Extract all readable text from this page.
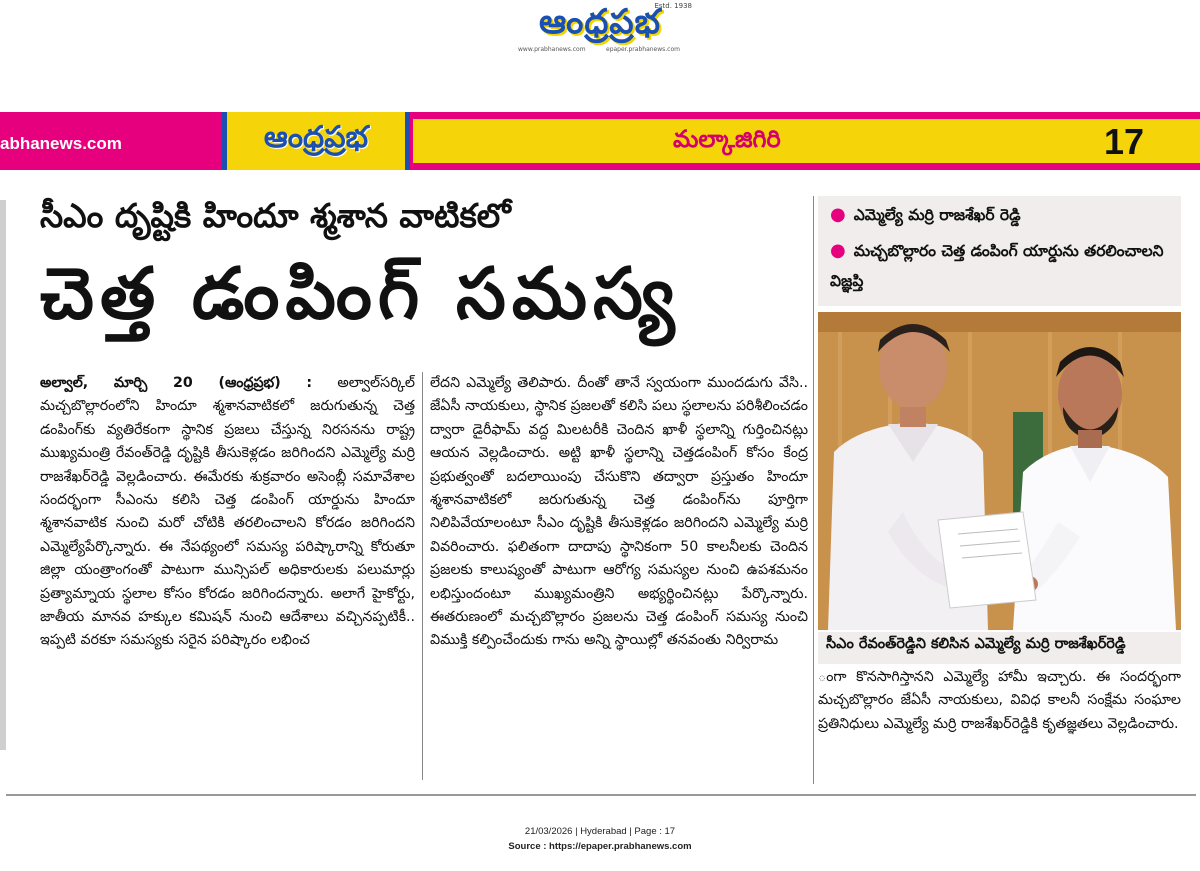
ఆంధ్రప్రభ
Estd. 1938
www.prabhanews.com	epaper.prabhanews.com
abhanews.com	ఆంధ్రప్రభ	మల్కాజిగిరి	17
సీఎం దృష్టికి హిందూ శ్మశాన వాటికలో
చెత్త డంపింగ్ సమస్య
అల్వాల్, మార్చి 20 (ఆంధ్రప్రభ) : అల్వాల్‌సర్కిల్ మచ్చబొల్లారంలోని హిందూ శ్మశానవాటికలో జరుగుతున్న చెత్త డంపింగ్‌కు వ్యతిరేకంగా స్థానిక ప్రజలు చేస్తున్న నిరసనను రాష్ట్ర ముఖ్యమంత్రి రేవంత్‌రెడ్డి దృష్టికి తీసుకెళ్లడం జరిగిందని ఎమ్మెల్యే మర్రి రాజశేఖర్‌రెడ్డి వెల్లడించారు. ఈమేరకు శుక్రవారం అసెంబ్లీ సమావేశాల సందర్భంగా సీఎంను కలిసి చెత్త డంపింగ్ యార్డును హిందూ శ్మశానవాటిక నుంచి మరో చోటికి తరలించాలని కోరడం జరిగిందని ఎమ్మెల్యేపేర్కొన్నారు. ఈ నేపథ్యంలో సమస్య పరిష్కారాన్ని కోరుతూ జిల్లా యంత్రాంగంతో పాటుగా మున్సిపల్ అధికారులకు పలుమార్లు ప్రత్యామ్నాయ స్థలాల కోసం కోరడం జరిగిందన్నారు. అలాగే హైకోర్టు, జాతీయ మానవ హక్కుల కమిషన్ నుంచి ఆదేశాలు వచ్చినప్పటికీ.. ఇప్పటి వరకూ సమస్యకు సరైన పరిష్కారం లభించ
లేదని ఎమ్మెల్యే తెలిపారు. దీంతో తానే స్వయంగా ముందడుగు వేసి.. జేఏసీ నాయకులు, స్థానిక ప్రజలతో కలిసి పలు స్థలాలను పరిశీలించడం ద్వారా డైరీఫామ్ వద్ద మిలటరీకి చెందిన ఖాళీ స్థలాన్ని గుర్తించినట్లు ఆయన వెల్లడించారు. అట్టి ఖాళీ స్థలాన్ని చెత్తడంపింగ్ కోసం కేంద్ర ప్రభుత్వంతో బదలాయింపు చేసుకొని తద్వారా ప్రస్తుతం హిందూ శ్మశానవాటికలో జరుగుతున్న చెత్త డంపింగ్‌ను పూర్తిగా నిలిపివేయాలంటూ సీఎం దృష్టికి తీసుకెళ్లడం జరిగిందని ఎమ్మెల్యే మర్రి వివరించారు. ఫలితంగా దాదాపు స్థానికంగా 50 కాలనీలకు చెందిన ప్రజలకు కాలుష్యంతో పాటుగా ఆరోగ్య సమస్యల నుంచి ఉపశమనం లభిస్తుందంటూ ముఖ్యమంత్రిని అభ్యర్థించినట్లు పేర్కొన్నారు. ఈతరుణంలో మచ్చబొల్లారం ప్రజలను చెత్త డంపింగ్ సమస్య నుంచి విముక్తి కల్పించేందుకు గాను అన్ని స్థాయిల్లో తనవంతు నిర్విరామ
● ఎమ్మెల్యే మర్రి రాజశేఖర్ రెడ్డి
● మచ్చబొల్లారం చెత్త డంపింగ్ యార్డును తరలించాలని విజ్ఞప్తి
సీఎం రేవంత్‌రెడ్డిని కలిసిన ఎమ్మెల్యే మర్రి రాజశేఖర్‌రెడ్డి
ంగా కొనసాగిస్తానని ఎమ్మెల్యే హామీ ఇచ్చారు. ఈ సందర్భంగా మచ్చబొల్లారం జేఏసీ నాయకులు, వివిధ కాలనీ సంక్షేమ సంఘాల ప్రతినిధులు ఎమ్మెల్యే మర్రి రాజశేఖర్‌రెడ్డికి కృతజ్ఞతలు వెల్లడించారు.
21/03/2026 | Hyderabad | Page : 17
Source : https://epaper.prabhanews.com
